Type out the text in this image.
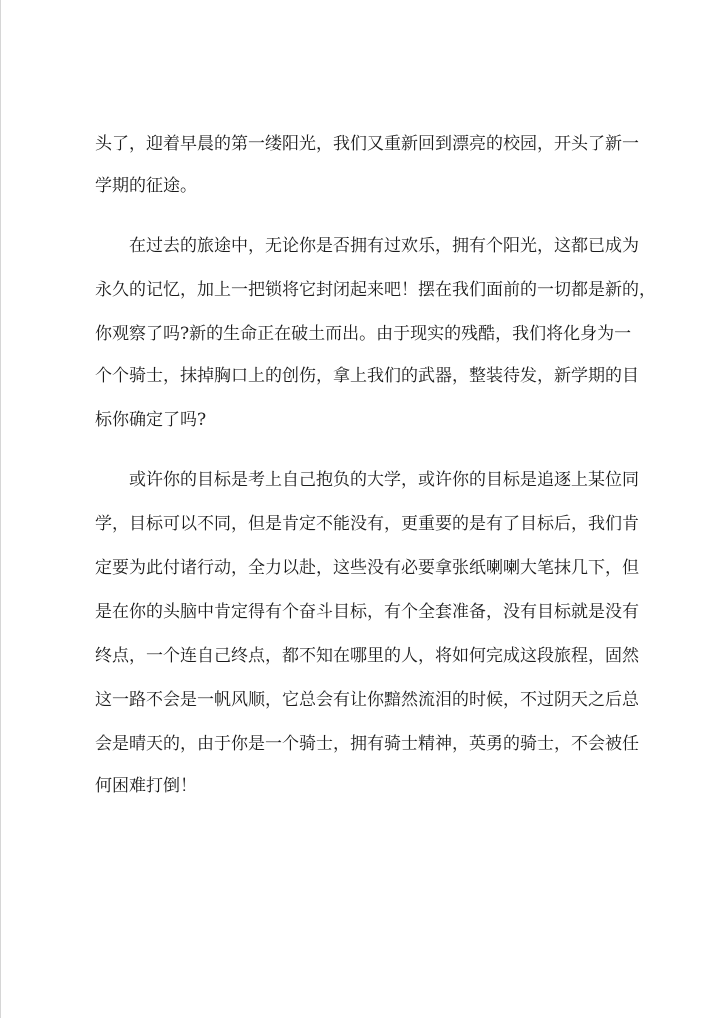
头了，迎着早晨的第一缕阳光，我们又重新回到漂亮的校园，开头了新一
学期的征途。
在过去的旅途中，无论你是否拥有过欢乐，拥有个阳光，这都已成为
永久的记忆，加上一把锁将它封闭起来吧！摆在我们面前的一切都是新的，
你观察了吗?新的生命正在破土而出。由于现实的残酷，我们将化身为一
个个骑士，抹掉胸口上的创伤，拿上我们的武器，整装待发，新学期的目
标你确定了吗?
或许你的目标是考上自己抱负的大学，或许你的目标是追逐上某位同
学，目标可以不同，但是肯定不能没有，更重要的是有了目标后，我们肯
定要为此付诸行动，全力以赴，这些没有必要拿张纸喇喇大笔抹几下，但
是在你的头脑中肯定得有个奋斗目标，有个全套准备，没有目标就是没有
终点，一个连自己终点，都不知在哪里的人，将如何完成这段旅程，固然
这一路不会是一帆风顺，它总会有让你黯然流泪的时候，不过阴天之后总
会是晴天的，由于你是一个骑士，拥有骑士精神，英勇的骑士，不会被任
何困难打倒！
